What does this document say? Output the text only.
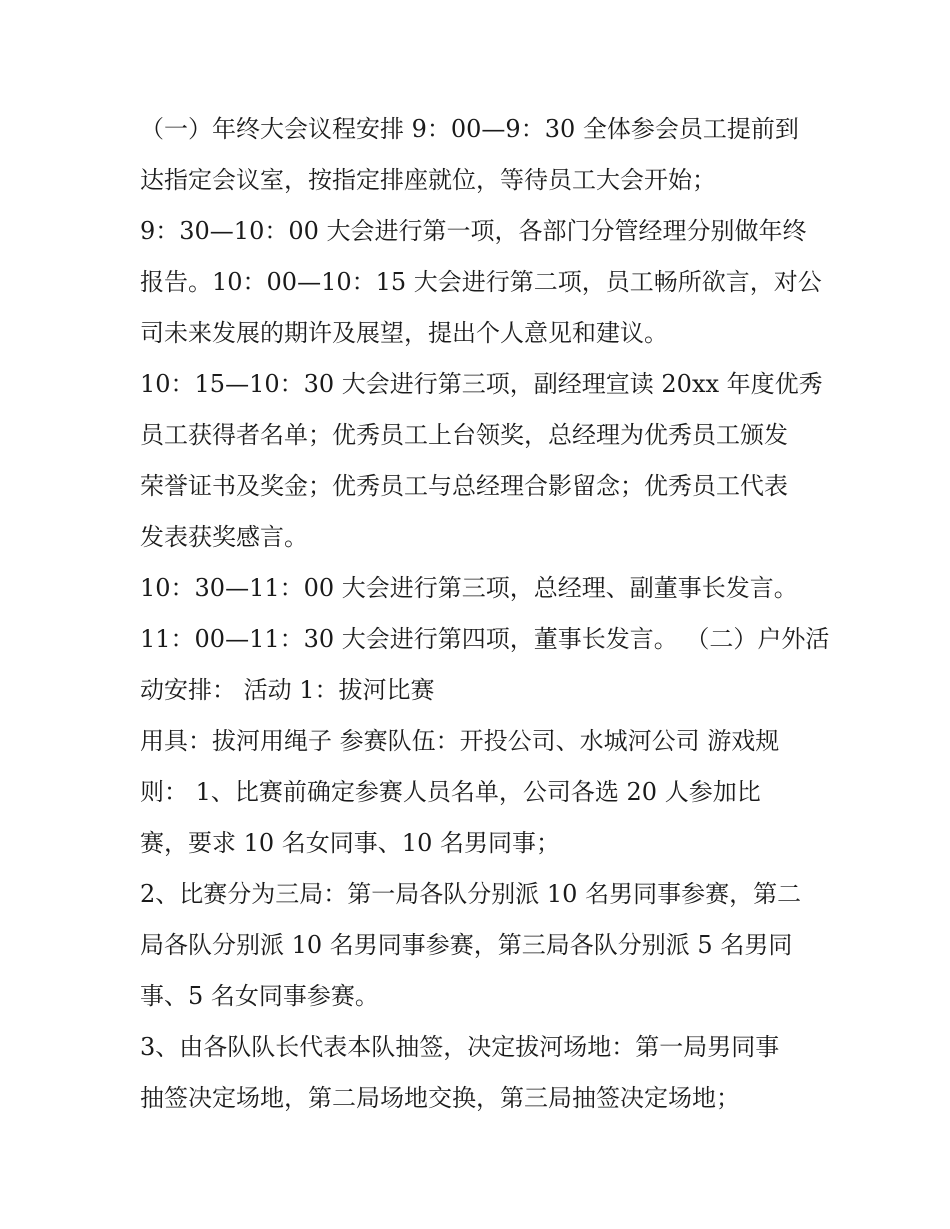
（一）年终大会议程安排 9：00—9：30 全体参会员工提前到
达指定会议室，按指定排座就位，等待员工大会开始；
9：30—10：00 大会进行第一项，各部门分管经理分别做年终
报告。10：00—10：15 大会进行第二项，员工畅所欲言，对公
司未来发展的期许及展望，提出个人意见和建议。
10：15—10：30 大会进行第三项，副经理宣读 20xx 年度优秀
员工获得者名单；优秀员工上台领奖，总经理为优秀员工颁发
荣誉证书及奖金；优秀员工与总经理合影留念；优秀员工代表
发表获奖感言。
10：30—11：00 大会进行第三项，总经理、副董事长发言。
11：00—11：30 大会进行第四项，董事长发言。 （二）户外活
动安排： 活动 1：拔河比赛
用具：拔河用绳子 参赛队伍：开投公司、水城河公司 游戏规
则： 1、比赛前确定参赛人员名单，公司各选 20 人参加比
赛，要求 10 名女同事、10 名男同事；
2、比赛分为三局：第一局各队分别派 10 名男同事参赛，第二
局各队分别派 10 名男同事参赛，第三局各队分别派 5 名男同
事、5 名女同事参赛。
3、由各队队长代表本队抽签，决定拔河场地：第一局男同事
抽签决定场地，第二局场地交换，第三局抽签决定场地；
